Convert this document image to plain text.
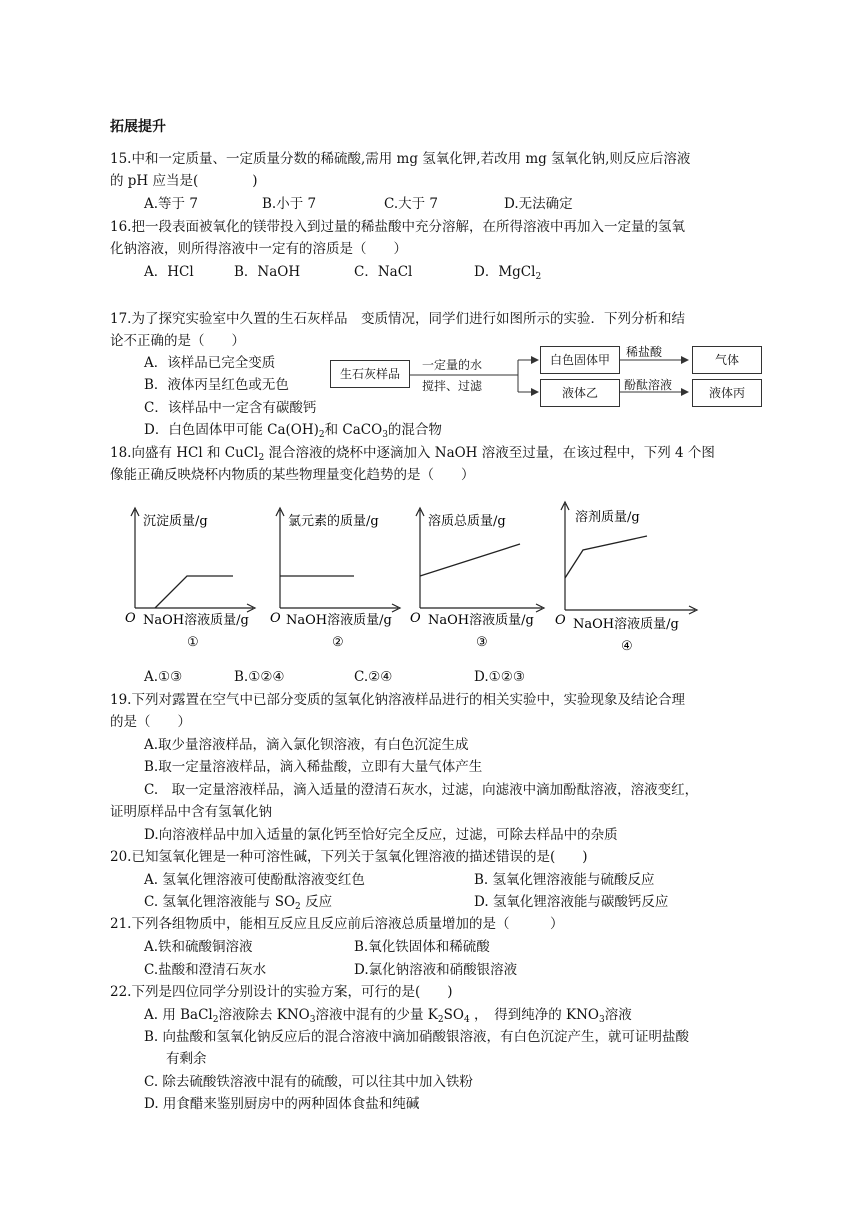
拓展提升
15.中和一定质量、一定质量分数的稀硫酸,需用 mg 氢氧化钾,若改用 mg 氢氧化钠,则反应后溶液
的 pH 应当是(　　　　)
A.等于 7	B.小于 7	C.大于 7	D.无法确定
16.把一段表面被氧化的镁带投入到过量的稀盐酸中充分溶解，在所得溶液中再加入一定量的氢氧
化钠溶液，则所得溶液中一定有的溶质是（　　）
A．HCl	B．NaOH	C．NaCl	D．MgCl$_2$
17.为了探究实验室中久置的生石灰样品　变质情况，同学们进行如图所示的实验．下列分析和结
论不正确的是（　　）
A．该样品已完全变质
B．液体丙呈红色或无色
C．该样品中一定含有碳酸钙
D．白色固体甲可能 $Ca(OH)_2$和 CaCO$_3$的混合物
生石灰样品
一定量的水
搅拌、过滤
白色固体甲
液体乙
稀盐酸
酚酞溶液
气体
液体丙
18.向盛有 HCl 和 CuCl$_2$ 混合溶液的烧杯中逐滴加入 NaOH 溶液至过量，在该过程中，下列 4 个图
像能正确反映烧杯内物质的某些物理量变化趋势的是（　　）
沉淀质量/g
O NaOH溶液质量/g
①
氯元素的质量/g
O NaOH溶液质量/g
②
溶质总质量/g
O NaOH溶液质量/g
③
溶剂质量/g
O NaOH溶液质量/g
④
A.①③	B.①②④	C.②④	D.①②③
19.下列对露置在空气中已部分变质的氢氧化钠溶液样品进行的相关实验中，实验现象及结论合理
的是（　　）
A.取少量溶液样品，滴入氯化钡溶液，有白色沉淀生成
B.取一定量溶液样品，滴入稀盐酸，立即有大量气体产生
C.　取一定量溶液样品，滴入适量的澄清石灰水，过滤，向滤液中滴加酚酞溶液，溶液变红，
证明原样品中含有氢氧化钠
D.向溶液样品中加入适量的氯化钙至恰好完全反应，过滤，可除去样品中的杂质
20.已知氢氧化锂是一种可溶性碱，下列关于氢氧化锂溶液的描述错误的是(　　)
A. 氢氧化锂溶液可使酚酞溶液变红色	B. 氢氧化锂溶液能与硫酸反应
C. 氢氧化锂溶液能与 $SO_2$ 反应	D. 氢氧化锂溶液能与碳酸钙反应
21.下列各组物质中，能相互反应且反应前后溶液总质量增加的是（　　　）
A.铁和硫酸铜溶液	B.氧化铁固体和稀硫酸
C.盐酸和澄清石灰水	D.氯化钠溶液和硝酸银溶液
22.下列是四位同学分别设计的实验方案，可行的是(　　)
A. 用 BaCl$_2$溶液除去 $KNO_3$溶液中混有的少量 $K_2SO_4$ ，　得到纯净的 $KNO_3$溶液
B. 向盐酸和氢氧化钠反应后的混合溶液中滴加硝酸银溶液，有白色沉淀产生，就可证明盐酸
有剩余
C. 除去硫酸铁溶液中混有的硫酸，可以往其中加入铁粉
D. 用食醋来鉴别厨房中的两种固体食盐和纯碱
